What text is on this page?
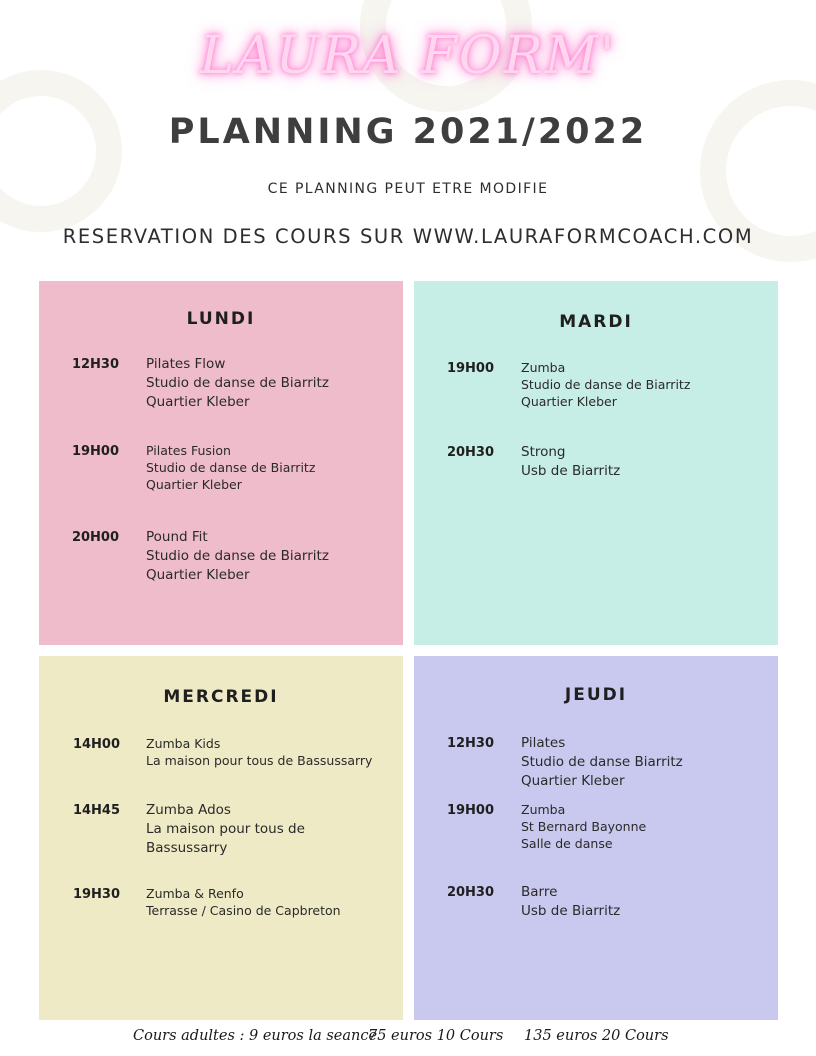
LAURA FORM'
PLANNING 2021/2022
CE PLANNING PEUT ETRE MODIFIE
RESERVATION DES COURS SUR WWW.LAURAFORMCOACH.COM
LUNDI
12H30 Pilates Flow
Studio de danse de Biarritz
Quartier Kleber
19H00 Pilates Fusion
Studio de danse de Biarritz
Quartier Kleber
20H00 Pound Fit
Studio de danse de Biarritz
Quartier Kleber
MARDI
19H00 Zumba
Studio de danse de Biarritz
Quartier Kleber
20H30 Strong
Usb de Biarritz
MERCREDI
14H00 Zumba Kids
La maison pour tous de Bassussarry
14H45 Zumba Ados
La maison pour tous de
Bassussarry
19H30 Zumba & Renfo
Terrasse / Casino de Capbreton
JEUDI
12H30 Pilates
Studio de danse Biarritz
Quartier Kleber
19H00 Zumba
St Bernard Bayonne
Salle de danse
20H30 Barre
Usb de Biarritz
Cours adultes : 9 euros la seance
75 euros 10 Cours 135 euros 20 Cours
